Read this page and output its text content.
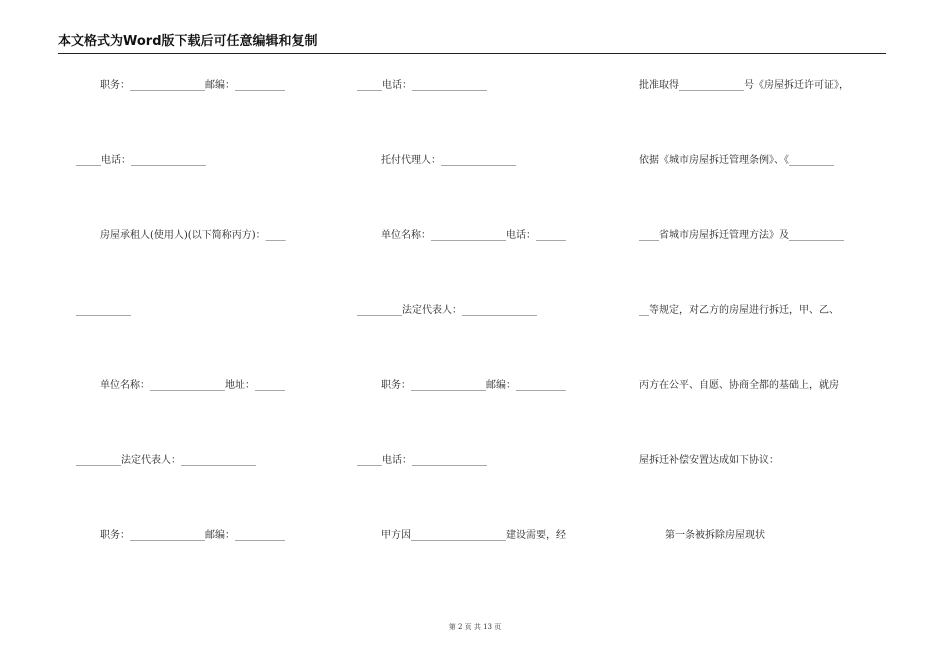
本文格式为Word版下载后可任意编辑和复制
职务：_______________邮编：__________
_____电话：_______________
房屋承租人(使用人)(以下简称丙方)：____
___________
单位名称：_______________地址：______
_________法定代表人：_______________
职务：_______________邮编：__________
_____电话：_______________
托付代理人：_______________
单位名称：_______________电话：______
_________法定代表人：_______________
职务：_______________邮编：__________
_____电话：_______________
甲方因___________________建设需要，经
批准取得_____________号《房屋拆迁许可证》，
依据《城市房屋拆迁管理条例》、《_________
____省城市房屋拆迁管理方法》及___________
__等规定，对乙方的房屋进行拆迁，甲、乙、
丙方在公平、自愿、协商全都的基础上，就房
屋拆迁补偿安置达成如下协议：
第一条被拆除房屋现状
第 2 页 共 13 页
